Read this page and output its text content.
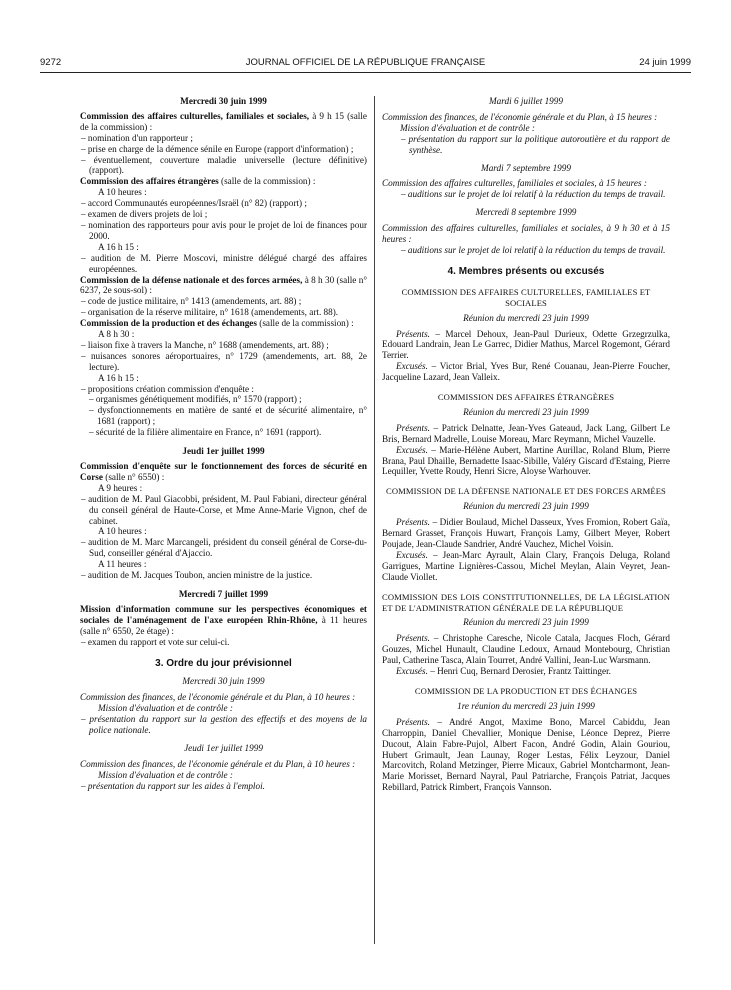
9272	JOURNAL OFFICIEL DE LA RÉPUBLIQUE FRANÇAISE	24 juin 1999

Mercredi 30 juin 1999

Commission des affaires culturelles, familiales et sociales, à 9 h 15 (salle de la commission) :

– nomination d'un rapporteur ;
– prise en charge de la démence sénile en Europe (rapport d'information) ;
– éventuellement, couverture maladie universelle (lecture définitive) (rapport).

Commission des affaires étrangères (salle de la commission) :

A 10 heures :

– accord Communautés européennes/Israël (n° 82) (rapport) ;
– examen de divers projets de loi ;
– nomination des rapporteurs pour avis pour le projet de loi de finances pour 2000.

A 16 h 15 :

– audition de M. Pierre Moscovi, ministre délégué chargé des affaires européennes.

Commission de la défense nationale et des forces armées, à 8 h 30 (salle n° 6237, 2e sous-sol) :

– code de justice militaire, n° 1413 (amendements, art. 88) ;
– organisation de la réserve militaire, n° 1618 (amendements, art. 88).

Commission de la production et des échanges (salle de la commission) :

A 8 h 30 :

– liaison fixe à travers la Manche, n° 1688 (amendements, art. 88) ;
– nuisances sonores aéroportuaires, n° 1729 (amendements, art. 88, 2e lecture).

A 16 h 15 :

– propositions création commission d'enquête :
– organismes génétiquement modifiés, n° 1570 (rapport) ;
– dysfonctionnements en matière de santé et de sécurité alimentaire, n° 1681 (rapport) ;
– sécurité de la filière alimentaire en France, n° 1691 (rapport).

Jeudi 1er juillet 1999

Commission d'enquête sur le fonctionnement des forces de sécurité en Corse (salle n° 6550) :

A 9 heures :

– audition de M. Paul Giacobbi, président, M. Paul Fabiani, directeur général du conseil général de Haute-Corse, et Mme Anne-Marie Vignon, chef de cabinet.

A 10 heures :

– audition de M. Marc Marcangeli, président du conseil général de Corse-du-Sud, conseiller général d'Ajaccio.

A 11 heures :

– audition de M. Jacques Toubon, ancien ministre de la justice.

Mercredi 7 juillet 1999

Mission d'information commune sur les perspectives économiques et sociales de l'aménagement de l'axe européen Rhin-Rhône, à 11 heures (salle n° 6550, 2e étage) :

– examen du rapport et vote sur celui-ci.

3. Ordre du jour prévisionnel

Mercredi 30 juin 1999

Commission des finances, de l'économie générale et du Plan, à 10 heures :

Mission d'évaluation et de contrôle :

– présentation du rapport sur la gestion des effectifs et des moyens de la police nationale.

Jeudi 1er juillet 1999

Commission des finances, de l'économie générale et du Plan, à 10 heures :

Mission d'évaluation et de contrôle :

– présentation du rapport sur les aides à l'emploi.

Mardi 6 juillet 1999

Commission des finances, de l'économie générale et du Plan, à 15 heures :

Mission d'évaluation et de contrôle :

– présentation du rapport sur la politique autoroutière et du rapport de synthèse.

Mardi 7 septembre 1999

Commission des affaires culturelles, familiales et sociales, à 15 heures :

– auditions sur le projet de loi relatif à la réduction du temps de travail.

Mercredi 8 septembre 1999

Commission des affaires culturelles, familiales et sociales, à 9 h 30 et à 15 heures :

– auditions sur le projet de loi relatif à la réduction du temps de travail.

4. Membres présents ou excusés

COMMISSION DES AFFAIRES CULTURELLES, FAMILIALES ET SOCIALES

Réunion du mercredi 23 juin 1999

Présents. – Marcel Dehoux, Jean-Paul Durieux, Odette Grzegrzulka, Edouard Landrain, Jean Le Garrec, Didier Mathus, Marcel Rogemont, Gérard Terrier.

Excusés. – Victor Brial, Yves Bur, René Couanau, Jean-Pierre Foucher, Jacqueline Lazard, Jean Valleix.

COMMISSION DES AFFAIRES ÉTRANGÈRES

Réunion du mercredi 23 juin 1999

Présents. – Patrick Delnatte, Jean-Yves Gateaud, Jack Lang, Gilbert Le Bris, Bernard Madrelle, Louise Moreau, Marc Reymann, Michel Vauzelle.

Excusés. – Marie-Hélène Aubert, Martine Aurillac, Roland Blum, Pierre Brana, Paul Dhaille, Bernadette Isaac-Sibille, Valéry Giscard d'Estaing, Pierre Lequiller, Yvette Roudy, Henri Sicre, Aloyse Warhouver.

COMMISSION DE LA DÉFENSE NATIONALE ET DES FORCES ARMÉES

Réunion du mercredi 23 juin 1999

Présents. – Didier Boulaud, Michel Dasseux, Yves Fromion, Robert Gaïa, Bernard Grasset, François Huwart, François Lamy, Gilbert Meyer, Robert Poujade, Jean-Claude Sandrier, André Vauchez, Michel Voisin.

Excusés. – Jean-Marc Ayrault, Alain Clary, François Deluga, Roland Garrigues, Martine Lignières-Cassou, Michel Meylan, Alain Veyret, Jean-Claude Viollet.

COMMISSION DES LOIS CONSTITUTIONNELLES, DE LA LÉGISLATION ET DE L'ADMINISTRATION GÉNÉRALE DE LA RÉPUBLIQUE

Réunion du mercredi 23 juin 1999

Présents. – Christophe Caresche, Nicole Catala, Jacques Floch, Gérard Gouzes, Michel Hunault, Claudine Ledoux, Arnaud Montebourg, Christian Paul, Catherine Tasca, Alain Tourret, André Vallini, Jean-Luc Warsmann.

Excusés. – Henri Cuq, Bernard Derosier, Frantz Taittinger.

COMMISSION DE LA PRODUCTION ET DES ÉCHANGES

1re réunion du mercredi 23 juin 1999

Présents. – André Angot, Maxime Bono, Marcel Cabiddu, Jean Charroppin, Daniel Chevallier, Monique Denise, Léonce Deprez, Pierre Ducout, Alain Fabre-Pujol, Albert Facon, André Godin, Alain Gouriou, Hubert Grimault, Jean Launay, Roger Lestas, Félix Leyzour, Daniel Marcovitch, Roland Metzinger, Pierre Micaux, Gabriel Montcharmont, Jean-Marie Morisset, Bernard Nayral, Paul Patriarche, François Patriat, Jacques Rebillard, Patrick Rimbert, François Vannson.
